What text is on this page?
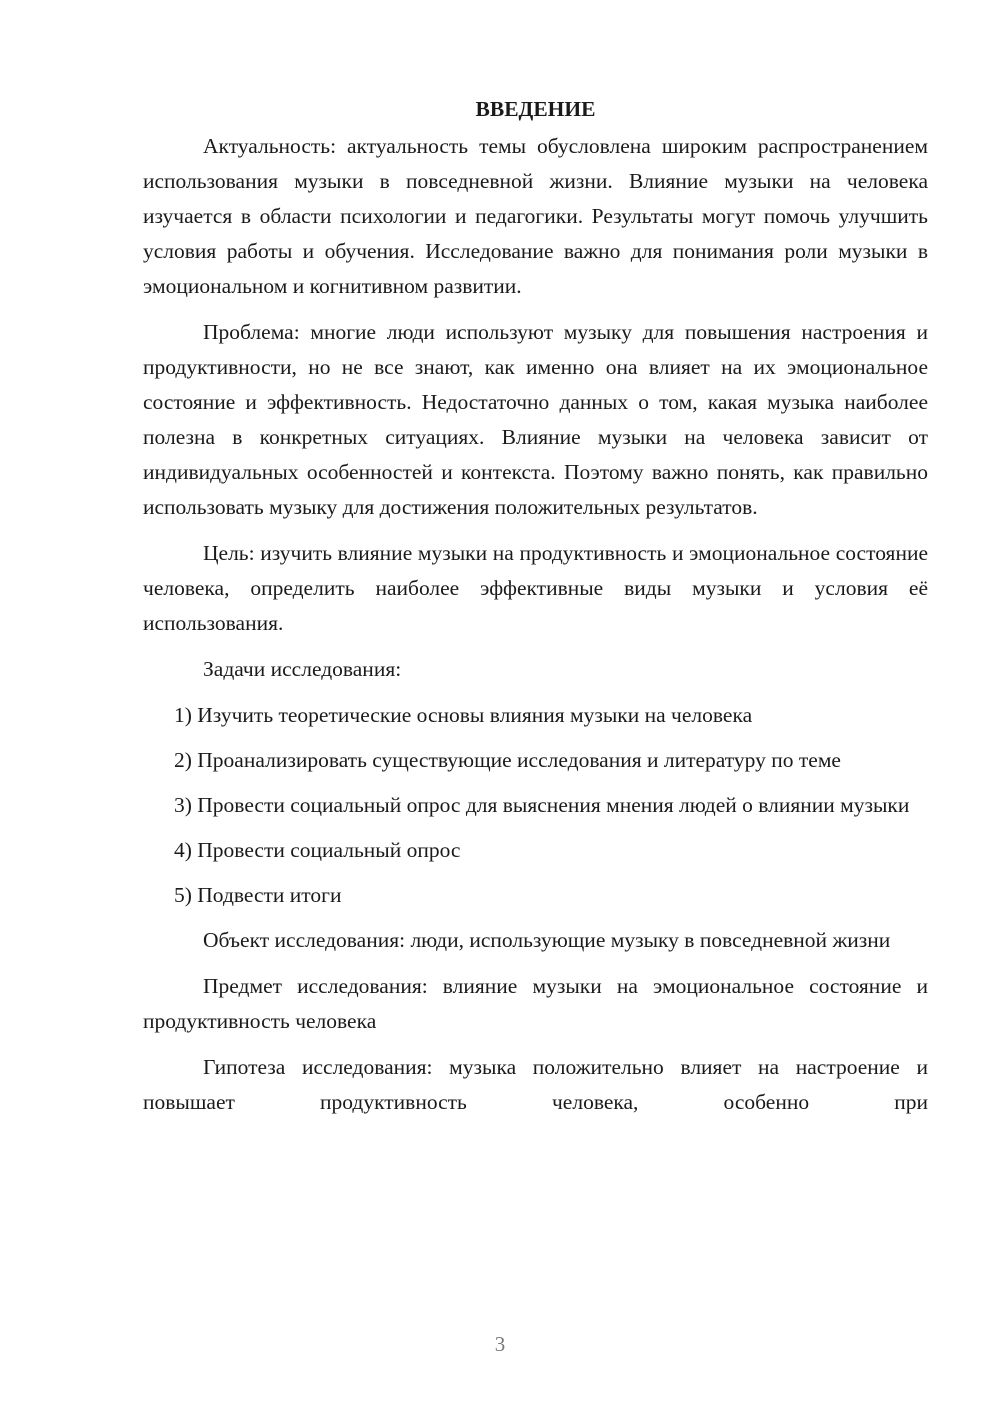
ВВЕДЕНИЕ

Актуальность: актуальность темы обусловлена широким распространением использования музыки в повседневной жизни. Влияние музыки на человека изучается в области психологии и педагогики. Результаты могут помочь улучшить условия работы и обучения. Исследование важно для понимания роли музыки в эмоциональном и когнитивном развитии.

Проблема: многие люди используют музыку для повышения настроения и продуктивности, но не все знают, как именно она влияет на их эмоциональное состояние и эффективность. Недостаточно данных о том, какая музыка наиболее полезна в конкретных ситуациях. Влияние музыки на человека зависит от индивидуальных особенностей и контекста. Поэтому важно понять, как правильно использовать музыку для достижения положительных результатов.

Цель: изучить влияние музыки на продуктивность и эмоциональное состояние человека, определить наиболее эффективные виды музыки и условия её использования.

Задачи исследования:

1) Изучить теоретические основы влияния музыки на человека

2) Проанализировать существующие исследования и литературу по теме

3) Провести социальный опрос для выяснения мнения людей о влиянии музыки

4) Провести социальный опрос

5) Подвести итоги

Объект исследования: люди, использующие музыку в повседневной жизни

Предмет исследования: влияние музыки на эмоциональное состояние и продуктивность человека

Гипотеза исследования: музыка положительно влияет на настроение и повышает продуктивность человека, особенно при

3
